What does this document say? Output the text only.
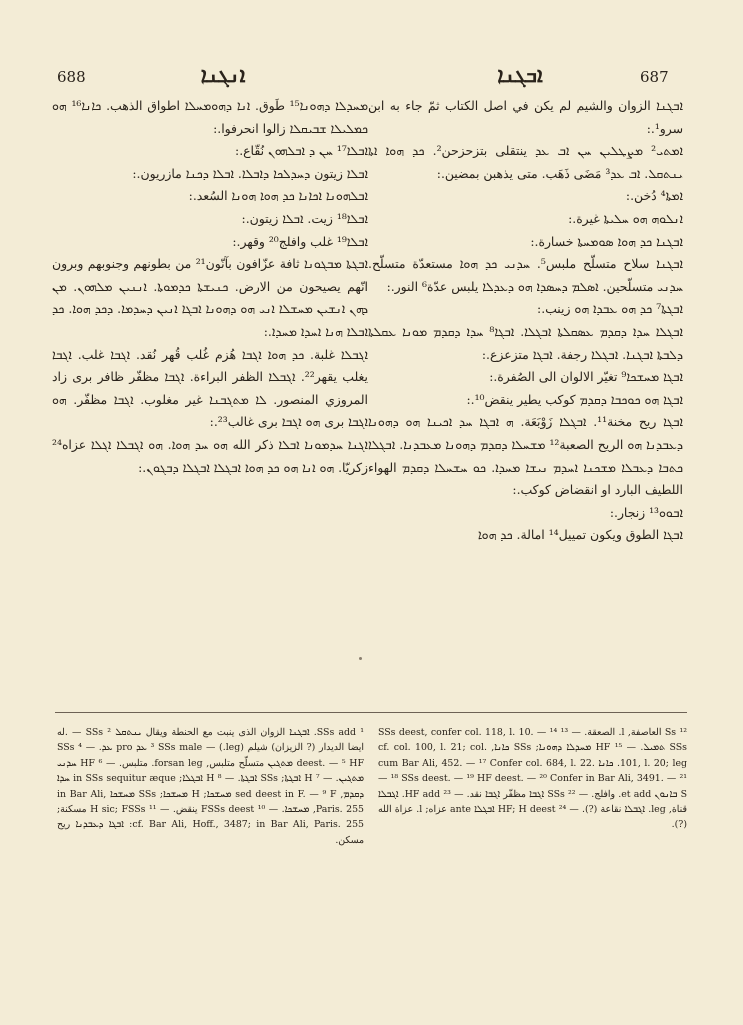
688	ܐܢܓܢܐ	ܐܒܓܢܐ	687

ܐܒܓܢܐ الزوان والشيم لم يكن في اصل الكتاب ثمّ جاء به ابن سرو¹.:

ܐܡܬܝ² ܡܨܛܠܝܢ ܚܢ ܐܒ ܥܕ ينتقلى بتزحزحن². ܟܕ ܗܘܐ ܐܬܐ ܝܢܬܩܠ. ܐܒ ܥܕ³ مَضَى ذَهَب. متى يذهبن بمضين.:

ܐܡܬܐ⁴ دُخن.:

ܐܢܠܘܗ ܗܘ ܚܠܝܬܐ غيرة.:

ܐܒܓܢܐ ܟܕ ܗܘܐ ܣܘܡܚܬܐ خسارة.:

ܐܒܓܢܐ سلاح متسلّح ملبس⁵. ܚܕܢܝ ܟܕ ܗܘܐ مستعدّة متسلّح. ܚܕܢܝ متسلّحين. ܐܣܠܡ ܕܚܣܕܐ ܗܘ ܕܥܕܠܐ يلبس عدّة⁶ النور.:

ܐܒܓܬܐ⁷ ܟܕ ܗܘ ܥܒܕܐ ܗܘ زينب.:

ܐܒܓܠܐ ܚܕܐ ܕܩܕܡ ܥܣܩܠܬܐ ܐܒܓܠܐ. ܐܒܓܐ⁸ ܚܕܐ ܕܩܕܡ ܡܘܢܐ ܥܩܠܬܐ ܕܠܒܬܐ ܐܒܓܢܐ. ܐܒܓܠܐ رجفة. ܐܒܓܐ متزعزع.:

ܐܒܓܐ ܡܚܫܟܐ⁹ تغيّر الالوان الى الصُفرة.:

ܐܒܓܐ ܗܘ ܟܘܟܒܐ ܕܩܕܡ كوكب يطير ينقض¹⁰.:

ܐܒܓܐ ريح مخنة¹¹. ܐܒܓܠܐ زَوْبَعَة. ܗ ܐܒܓܐ ܚܕ ܐܟܝܢܐ ܗܘ ܕܗܘܢܐ ܕܥܒܕܢܐ ܗܘ الريح الصعبة¹² ܡܫܚܠܐ ܕܩܕܡ ܕܗܘܢܐ ܡܥܒܕܢܐ. ܐܒܓܠܐ ܟܬܒܐ ܕܥܒܠܐ ܡܫܟܢܐ ܐܚܕܡ ܢܝܫܐ ܡܚܕܐ. ܟܘ ܚܫܚܠܐ ܕܩܕܡ الهواء اللطيف البارد او انقضاض كوكب.:

ܐܒܘܘ¹³ زنجار.:

ܐܒܓܐ الطوق ويكون تمييل¹⁴ امالة. ܟܕ ܗܘܐ

ܡܚܕܠܐ ܕܗܘܢܐ¹⁵ طَوق. ܐܢܐ ܕܗܘܡܚܠܐ اطواق الذهب. ܟܐܢܐ¹⁶ ܗܘ ܟܡܠܝܠܐ ܫܒܝܩܠܐ زالوا انحرفوا.:

ܐܒܠܐ¹⁷ ܚܢ ܕ ܐܒܠܗܘܢ نُقّاع.:

ܐܒܠܐ زيتون ܕܚܕܠܟܐ ܕܐܒܠܐ. ܐܒܠܐ ܕܟܢܐ مازريون.:

ܐܒܠܗܘܢܐ ܐܟܐܢܐ ܟܕ ܗܘܐ ܗܘܢܐ السُعد.:

ܐܒܠܐ¹⁸ زيت. ܐܒܠܐ زيتون.:

ܐܒܠܐ¹⁹ غلب وافلج²⁰ وقهر.:

ܐܒܓܬܐ ܡܒܓܘܢܐ ثافة عزّافون بآنّون²¹ من بطونهم وجنوبهم وبرون انّهم يصيحون من الارض. ܟܢܝܫܬܐ ܟܕܡܘܬܐ. ܐܢܢܝܢ ܡܠܗܘܢ. ܡܢ ܕܗܢ ܐܢܫܝܢ ܡܚܫܠܐ ܐܢܝ ܗܘ ܕܗܘܢܐ ܐܒܓܐ ܐܢܝܢ ܕܚܕܡܐ. ܕܟܕ ܗܘܐ. ܟܕ ܐܒܠܐ ܗܢܐ ܐܚܕܐ ܡܚܕܐ.:

ܐܓܒܠܐ غلبة. ܟܕ ܗܘܐ ܐܓܒܐ هُزم غُلب قُهر نُقد. ܐܓܒܐ غلب. ܐܓܒܐ يغلب يقهر²². ܐܓܒܠܐ الظفر البراءة. ܐܓܒܐ مظفّر ظافر برى زاد المروزي المنصور. ܠܐ ܡܬܓܒܢܐ غير مغلوب. ܐܓܒܐ مظفّر. ܗܘ ܐܓܒܐ برى ܗܘ ܐܓܒܐ برى غالب²³.:

ܐܓܢܐ ܚܕܡܘܢܐ ܐܒܠܐ ذكر الله ܗܘ ܚܕ ܗܘܐ. ܗܘ ܐܓܒܠܐ ܐܓܠܐ عزاه²⁴ زكريّا. ܗܘ ܐܢܐ ܗܘ ܟܕ ܗܘܐ ܐܒܓܠܐ ܐܒܓܠܐ ܕܒܓܘܢ.:

¹ SSs add. ܐܒܓܢܐ الزوان الذى ينبت مع الحنطة ويقال ܝܢܬܩܠ SSs ² — .له ايضا الديدار (? الزيزان) شيلم (leg.) — ³ SSs male ܥܕ pro ܥܕ. — ⁴ SSs deest. — ⁵ HF ܡܬܓܝܢ متسلّح متلبس, forsan leg. متلبس. — ⁶ HF ܚܕܢܝ ܡܬܓܝܢ. — ⁷ H ܐܒܓܬܐ; SSs ܐܒܓܬܐ. — ⁸ H ܐܒܓܠܐ; in SSs sequitur æque ܚܕܐ ܕܩܕܡ, sed deest in F. — ⁹ F ܡܚܫܟܐ; H ܡܚܫܟܐ; SSs ܡܚܫܟܐ in Bar Ali, Paris. 255, ܡܚܫܟܐ. — ¹⁰ FSSs deest ينقض. — ¹¹ H sic; FSSs مسكنة; cf. Bar Ali, Hoff., 3487; in Bar Ali, Paris. 255: ܐܒܓܐ ܕܥܒܕܢܐ ريح مسكن.

¹² Ss العاصفة, l. الصعقة. — ¹³ SSs deest, confer col. 118, l. 10. — ¹⁴ SSs ܬܡܝܠ. — ¹⁵ HF ܡܚܕܠܐ ܕܗܘܢܐ; SSs ܟܐܢܐ, cf. col. 100, l. 21; col. 101, l. 20; leg. ܟܐܢܐ cum Bar Ali, 452. — ¹⁷ Confer col. 684, l. 22. — ¹⁸ SSs deest. — ¹⁹ HF deest. — ²⁰ Confer in Bar Ali, 3491. — ²¹ S ܒܐܢܘܢ et add. وافلج. — ²² SSs ܐܓܒܐ مظفّر ܐܓܒܐ نقد. — ²³ HF add. ܐܓܒܠܐ قناة, leg. ܐܓܒܠܐ نقاعة (?). — ²⁴ HF; H deest ܐܒܓܠܐ ante عزاه; l. عزاة الله (?).
